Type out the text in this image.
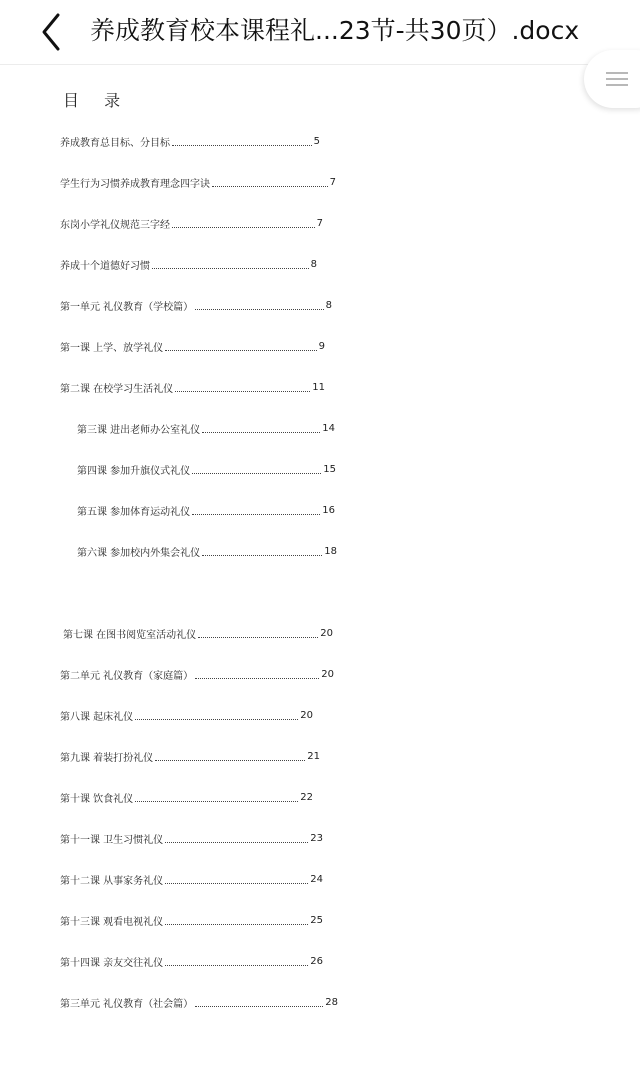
养成教育校本课程礼...23节-共30页）.docx
目 录
养成教育总目标、分目标	5
学生行为习惯养成教育理念四字诀	7
东岗小学礼仪规范三字经	7
养成十个道德好习惯	8
第一单元 礼仪教育（学校篇）	8
第一课 上学、放学礼仪	9
第二课 在校学习生活礼仪	11
第三课 进出老师办公室礼仪	14
第四课 参加升旗仪式礼仪	15
第五课 参加体育运动礼仪	16
第六课 参加校内外集会礼仪	18
第七课 在图书阅览室活动礼仪	20
第二单元 礼仪教育（家庭篇）	20
第八课 起床礼仪	20
第九课 着装打扮礼仪	21
第十课 饮食礼仪	22
第十一课 卫生习惯礼仪	23
第十二课 从事家务礼仪	24
第十三课 观看电视礼仪	25
第十四课 亲友交往礼仪	26
第三单元 礼仪教育（社会篇）	28
